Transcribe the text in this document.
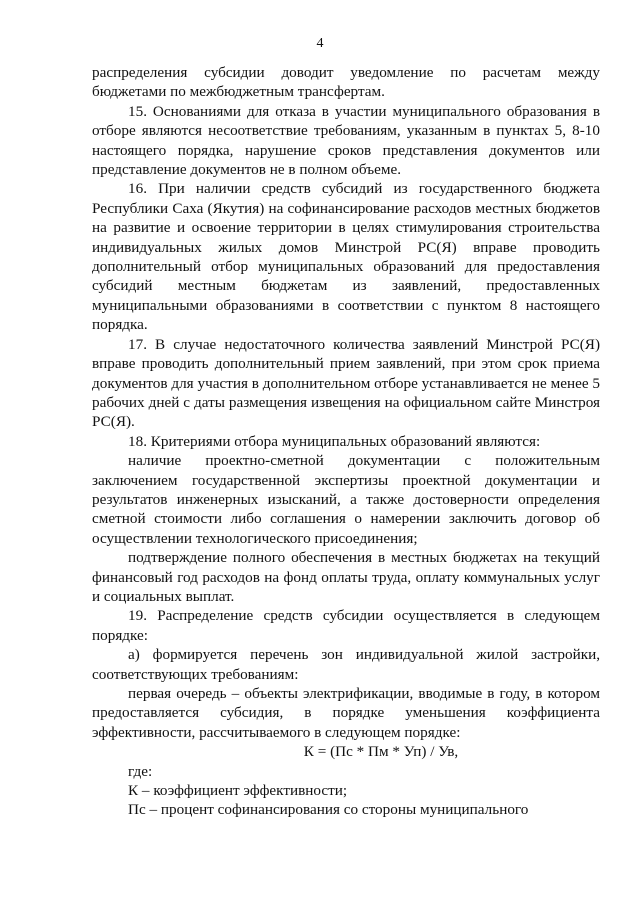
4

распределения субсидии доводит уведомление по расчетам между бюджетами по межбюджетным трансфертам.

15. Основаниями для отказа в участии муниципального образования в отборе являются несоответствие требованиям, указанным в пунктах 5, 8-10 настоящего порядка, нарушение сроков представления документов или представление документов не в полном объеме.

16. При наличии средств субсидий из государственного бюджета Республики Саха (Якутия) на софинансирование расходов местных бюджетов на развитие и освоение территории в целях стимулирования строительства индивидуальных жилых домов Минстрой РС(Я) вправе проводить дополнительный отбор муниципальных образований для предоставления субсидий местным бюджетам из заявлений, предоставленных муниципальными образованиями в соответствии с пунктом 8 настоящего порядка.

17. В случае недостаточного количества заявлений Минстрой РС(Я) вправе проводить дополнительный прием заявлений, при этом срок приема документов для участия в дополнительном отборе устанавливается не менее 5 рабочих дней с даты размещения извещения на официальном сайте Минстроя РС(Я).

18. Критериями отбора муниципальных образований являются:

наличие проектно-сметной документации с положительным заключением государственной экспертизы проектной документации и результатов инженерных изысканий, а также достоверности определения сметной стоимости либо соглашения о намерении заключить договор об осуществлении технологического присоединения;

подтверждение полного обеспечения в местных бюджетах на текущий финансовый год расходов на фонд оплаты труда, оплату коммунальных услуг и социальных выплат.

19. Распределение средств субсидии осуществляется в следующем порядке:

а) формируется перечень зон индивидуальной жилой застройки, соответствующих требованиям:

первая очередь – объекты электрификации, вводимые в году, в котором предоставляется субсидия, в порядке уменьшения коэффициента эффективности, рассчитываемого в следующем порядке:

К = (Пс * Пм * Уп) / Ув,

где:

К – коэффициент эффективности;

Пс – процент софинансирования со стороны муниципального
